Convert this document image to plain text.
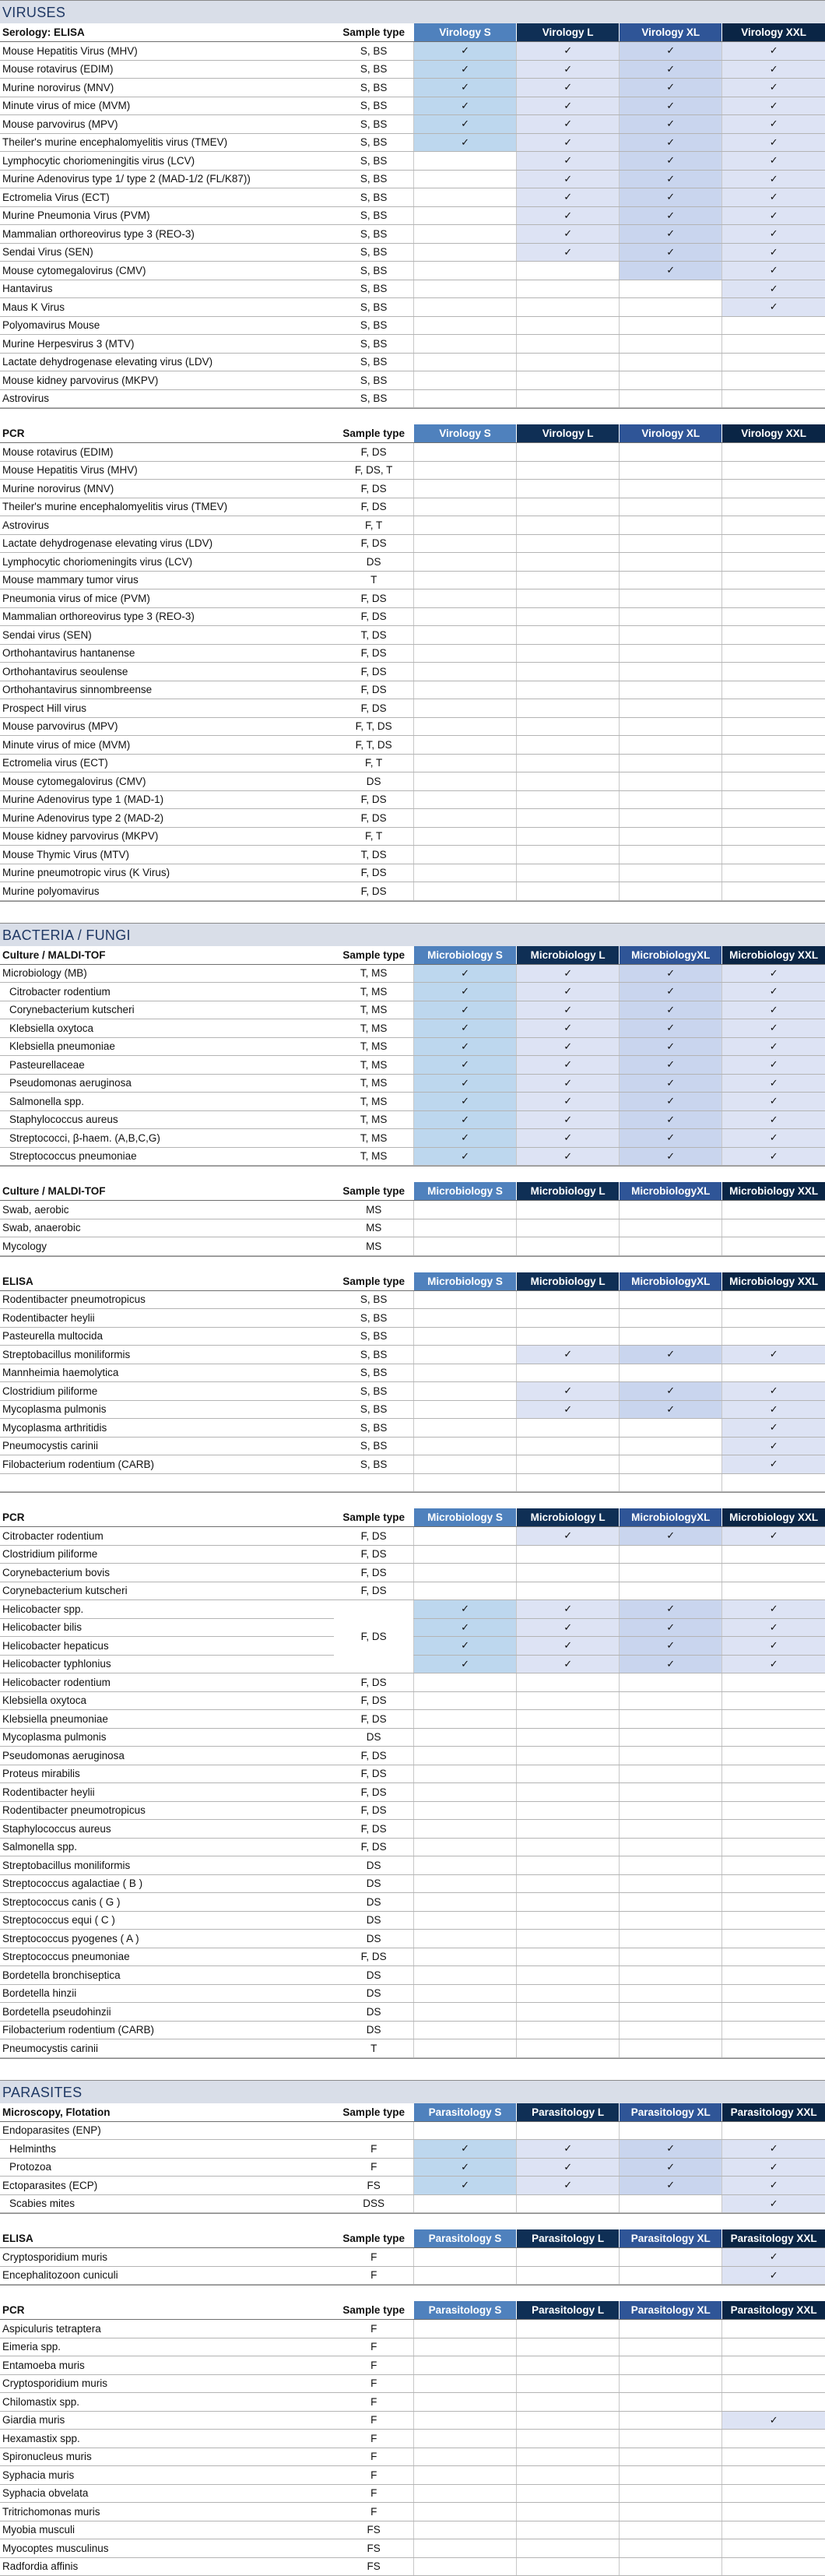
VIRUSES
Serology: ELISA	Sample type	Virology S	Virology L	Virology XL	Virology XXL
Mouse Hepatitis Virus (MHV)	S, BS	✓	✓	✓	✓
Mouse rotavirus (EDIM)	S, BS	✓	✓	✓	✓
Murine norovirus (MNV)	S, BS	✓	✓	✓	✓
Minute virus of mice (MVM)	S, BS	✓	✓	✓	✓
Mouse parvovirus (MPV)	S, BS	✓	✓	✓	✓
Theiler's murine encephalomyelitis virus (TMEV)	S, BS	✓	✓	✓	✓
Lymphocytic choriomeningitis virus (LCV)	S, BS		✓	✓	✓
Murine Adenovirus type 1/ type 2 (MAD-1/2 (FL/K87))	S, BS		✓	✓	✓
Ectromelia Virus (ECT)	S, BS		✓	✓	✓
Murine Pneumonia Virus (PVM)	S, BS		✓	✓	✓
Mammalian orthoreovirus type 3 (REO-3)	S, BS		✓	✓	✓
Sendai Virus (SEN)	S, BS		✓	✓	✓
Mouse cytomegalovirus (CMV)	S, BS			✓	✓
Hantavirus	S, BS				✓
Maus K Virus	S, BS				✓
Polyomavirus Mouse	S, BS				
Murine Herpesvirus 3 (MTV)	S, BS				
Lactate dehydrogenase elevating virus (LDV)	S, BS				
Mouse kidney parvovirus (MKPV)	S, BS				
Astrovirus	S, BS				
PCR	Sample type	Virology S	Virology L	Virology XL	Virology XXL
Mouse rotavirus (EDIM)	F, DS				
Mouse Hepatitis Virus (MHV)	F, DS, T				
Murine norovirus (MNV)	F, DS				
Theiler's murine encephalomyelitis virus (TMEV)	F, DS				
Astrovirus	F, T				
Lactate dehydrogenase elevating virus (LDV)	F, DS				
Lymphocytic choriomeningits virus (LCV)	DS				
Mouse mammary tumor virus	T				
Pneumonia virus of mice (PVM)	F, DS				
Mammalian orthoreovirus type 3 (REO-3)	F, DS				
Sendai virus (SEN)	T, DS				
Orthohantavirus hantanense	F, DS				
Orthohantavirus seoulense	F, DS				
Orthohantavirus sinnombreense	F, DS				
Prospect Hill virus	F, DS				
Mouse parvovirus (MPV)	F, T, DS				
Minute virus of mice (MVM)	F, T, DS				
Ectromelia virus (ECT)	F, T				
Mouse cytomegalovirus (CMV)	DS				
Murine Adenovirus type 1 (MAD-1)	F, DS				
Murine Adenovirus type 2 (MAD-2)	F, DS				
Mouse kidney parvovirus (MKPV)	F, T				
Mouse Thymic Virus (MTV)	T, DS				
Murine pneumotropic virus (K Virus)	F, DS				
Murine polyomavirus	F, DS				
BACTERIA / FUNGI
Culture / MALDI-TOF	Sample type	Microbiology S	Microbiology L	MicrobiologyXL	Microbiology XXL
Microbiology (MB)	T, MS	✓	✓	✓	✓
Citrobacter rodentium	T, MS	✓	✓	✓	✓
Corynebacterium kutscheri	T, MS	✓	✓	✓	✓
Klebsiella oxytoca	T, MS	✓	✓	✓	✓
Klebsiella pneumoniae	T, MS	✓	✓	✓	✓
Pasteurellaceae	T, MS	✓	✓	✓	✓
Pseudomonas aeruginosa	T, MS	✓	✓	✓	✓
Salmonella spp.	T, MS	✓	✓	✓	✓
Staphylococcus aureus	T, MS	✓	✓	✓	✓
Streptococci, β-haem. (A,B,C,G)	T, MS	✓	✓	✓	✓
Streptococcus pneumoniae	T, MS	✓	✓	✓	✓
Culture / MALDI-TOF	Sample type	Microbiology S	Microbiology L	MicrobiologyXL	Microbiology XXL
Swab, aerobic	MS				
Swab, anaerobic	MS				
Mycology	MS				
ELISA	Sample type	Microbiology S	Microbiology L	MicrobiologyXL	Microbiology XXL
Rodentibacter pneumotropicus	S, BS				
Rodentibacter heylii	S, BS				
Pasteurella multocida	S, BS				
Streptobacillus moniliformis	S, BS		✓	✓	✓
Mannheimia haemolytica	S, BS				
Clostridium piliforme	S, BS		✓	✓	✓
Mycoplasma pulmonis	S, BS		✓	✓	✓
Mycoplasma arthritidis	S, BS				✓
Pneumocystis carinii	S, BS				✓
Filobacterium rodentium (CARB)	S, BS				✓

PCR	Sample type	Microbiology S	Microbiology L	MicrobiologyXL	Microbiology XXL
Citrobacter rodentium	F, DS		✓	✓	✓
Clostridium piliforme	F, DS				
Corynebacterium bovis	F, DS				
Corynebacterium kutscheri	F, DS				
Helicobacter spp.	F, DS	✓	✓	✓	✓
Helicobacter bilis		✓	✓	✓	✓
Helicobacter hepaticus		✓	✓	✓	✓
Helicobacter typhlonius		✓	✓	✓	✓
Helicobacter rodentium	F, DS				
Klebsiella oxytoca	F, DS				
Klebsiella pneumoniae	F, DS				
Mycoplasma pulmonis	DS				
Pseudomonas aeruginosa	F, DS				
Proteus mirabilis	F, DS				
Rodentibacter heylii	F, DS				
Rodentibacter pneumotropicus	F, DS				
Staphylococcus aureus	F, DS				
Salmonella spp.	F, DS				
Streptobacillus moniliformis	DS				
Streptococcus agalactiae ( B )	DS				
Streptococcus canis ( G )	DS				
Streptococcus equi ( C )	DS				
Streptococcus pyogenes ( A )	DS				
Streptococcus pneumoniae	F, DS				
Bordetella bronchiseptica	DS				
Bordetella hinzii	DS				
Bordetella pseudohinzii	DS				
Filobacterium rodentium (CARB)	DS				
Pneumocystis carinii	T				
PARASITES
Microscopy, Flotation	Sample type	Parasitology S	Parasitology L	Parasitology XL	Parasitology XXL
Endoparasites (ENP)					
Helminths	F	✓	✓	✓	✓
Protozoa	F	✓	✓	✓	✓
Ectoparasites (ECP)	FS	✓	✓	✓	✓
Scabies mites	DSS				✓
ELISA	Sample type	Parasitology S	Parasitology L	Parasitology XL	Parasitology XXL
Cryptosporidium muris	F				✓
Encephalitozoon cuniculi	F				✓
PCR	Sample type	Parasitology S	Parasitology L	Parasitology XL	Parasitology XXL
Aspiculuris tetraptera	F				
Eimeria spp.	F				
Entamoeba muris	F				
Cryptosporidium muris	F				
Chilomastix spp.	F				
Giardia muris	F				✓
Hexamastix spp.	F				
Spironucleus muris	F				
Syphacia muris	F				
Syphacia obvelata	F				
Tritrichomonas muris	F				
Myobia musculi	FS				
Myocoptes musculinus	FS				
Radfordia affinis	FS				
